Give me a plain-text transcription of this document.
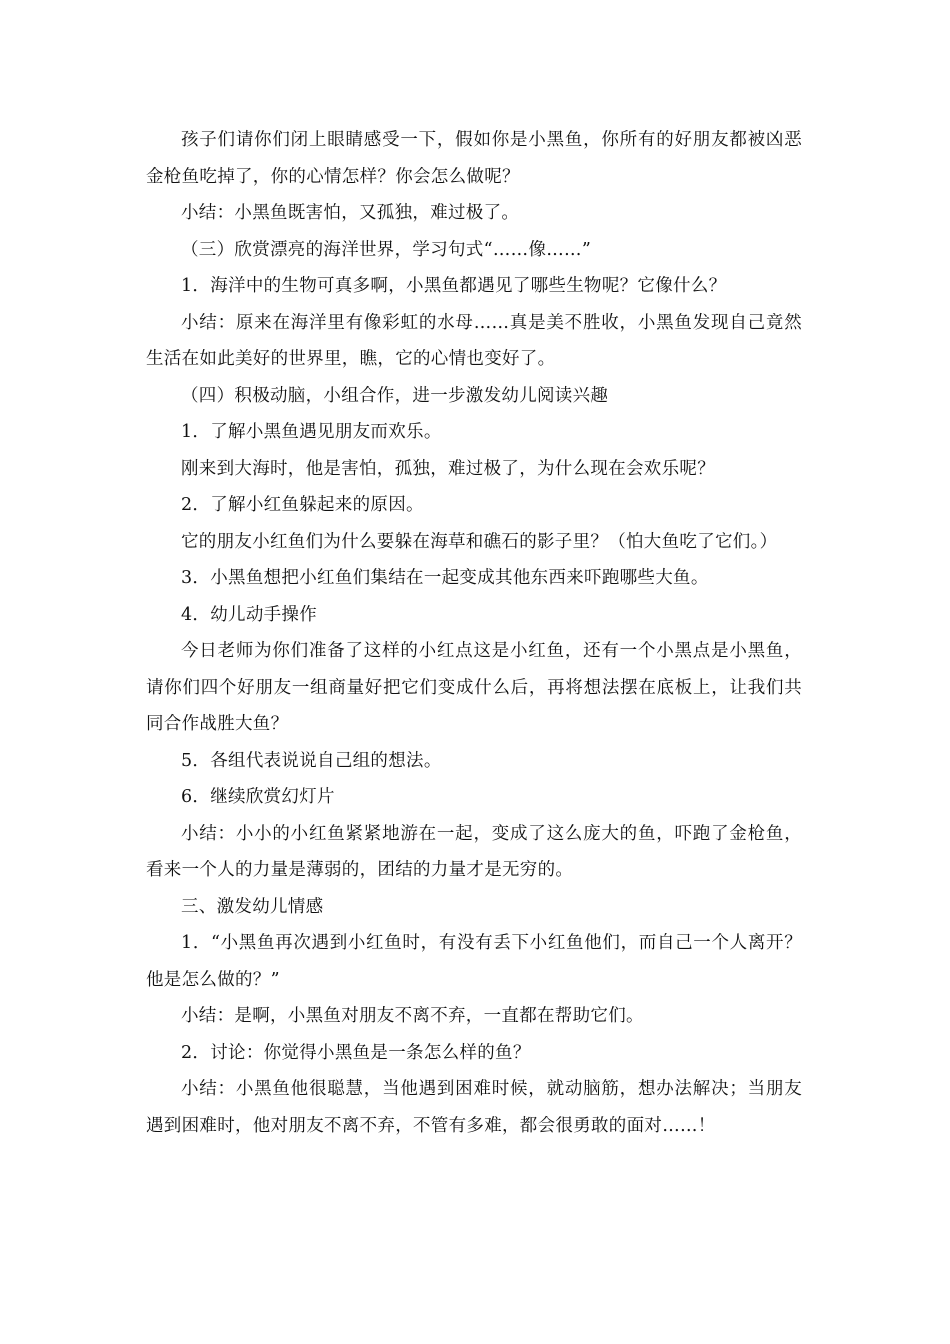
孩子们请你们闭上眼睛感受一下，假如你是小黑鱼，你所有的好朋友都被凶恶金枪鱼吃掉了，你的心情怎样？你会怎么做呢？

小结：小黑鱼既害怕，又孤独，难过极了。

（三）欣赏漂亮的海洋世界，学习句式“……像……”

1．海洋中的生物可真多啊，小黑鱼都遇见了哪些生物呢？它像什么？

小结：原来在海洋里有像彩虹的水母……真是美不胜收，小黑鱼发现自己竟然生活在如此美好的世界里，瞧，它的心情也变好了。

（四）积极动脑，小组合作，进一步激发幼儿阅读兴趣

1．了解小黑鱼遇见朋友而欢乐。

刚来到大海时，他是害怕，孤独，难过极了，为什么现在会欢乐呢？

2．了解小红鱼躲起来的原因。

它的朋友小红鱼们为什么要躲在海草和礁石的影子里？（怕大鱼吃了它们。）

3．小黑鱼想把小红鱼们集结在一起变成其他东西来吓跑哪些大鱼。

4．幼儿动手操作

今日老师为你们准备了这样的小红点这是小红鱼，还有一个小黑点是小黑鱼，请你们四个好朋友一组商量好把它们变成什么后，再将想法摆在底板上，让我们共同合作战胜大鱼？

5．各组代表说说自己组的想法。

6．继续欣赏幻灯片

小结：小小的小红鱼紧紧地游在一起，变成了这么庞大的鱼，吓跑了金枪鱼，看来一个人的力量是薄弱的，团结的力量才是无穷的。

三、激发幼儿情感

1．“小黑鱼再次遇到小红鱼时，有没有丢下小红鱼他们，而自己一个人离开？他是怎么做的？”

小结：是啊，小黑鱼对朋友不离不弃，一直都在帮助它们。

2．讨论：你觉得小黑鱼是一条怎么样的鱼？

小结：小黑鱼他很聪慧，当他遇到困难时候，就动脑筋，想办法解决；当朋友遇到困难时，他对朋友不离不弃，不管有多难，都会很勇敢的面对……！
